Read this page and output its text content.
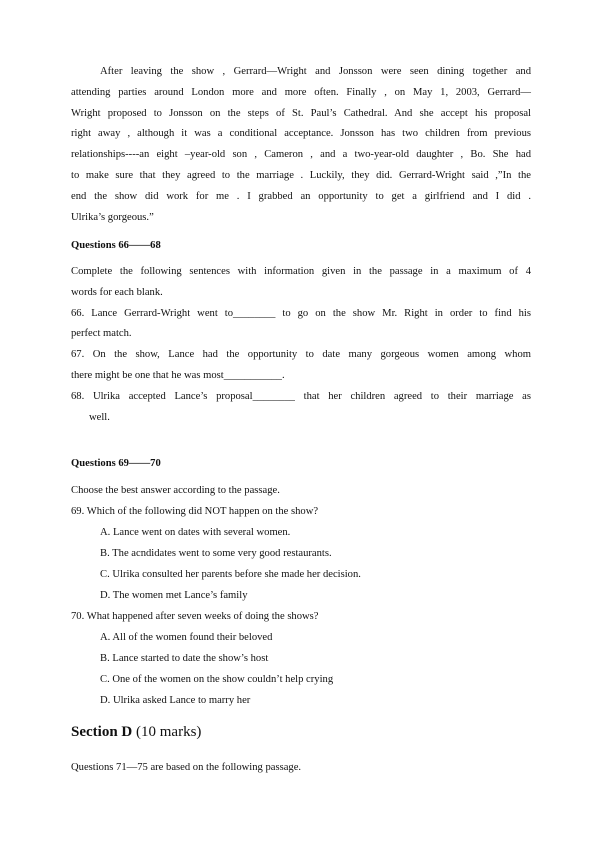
After leaving the show , Gerrard—Wright and Jonsson were seen dining together and
attending parties around London more and more often. Finally , on May 1, 2003, Gerrard—
Wright proposed to Jonsson on the steps of St. Paul’s Cathedral. And she accept his proposal
right away , although it was a conditional acceptance. Jonsson has two children from previous
relationships----an eight –year-old son , Cameron , and a two-year-old daughter , Bo. She had
to make sure that they agreed to the marriage . Luckily, they did. Gerrard-Wright said ,”In the
end the show did work for me . I grabbed an opportunity to get a girlfriend and I did .
Ulrika’s gorgeous.”
Questions 66——68
Complete the following sentences with information given in the passage in a maximum of 4
words for each blank.
66. Lance Gerrard-Wright went to________ to go on the show Mr. Right in order to find his
perfect match.
67. On the show, Lance had the opportunity to date many gorgeous women among whom
there might be one that he was most___________.
68. Ulrika accepted Lance’s proposal________ that her children agreed to their marriage as
well.
Questions 69——70
Choose the best answer according to the passage.
69. Which of the following did NOT happen on the show?
A. Lance went on dates with several women.
B. The acndidates went to some very good restaurants.
C. Ulrika consulted her parents before she made her decision.
D. The women met Lance’s family
70. What happened after seven weeks of doing the shows?
A. All of the women found their beloved
B. Lance started to date the show’s host
C. One of the women on the show couldn’t help crying
D. Ulrika asked Lance to marry her
Section D (10 marks)
Questions 71—75 are based on the following passage.
